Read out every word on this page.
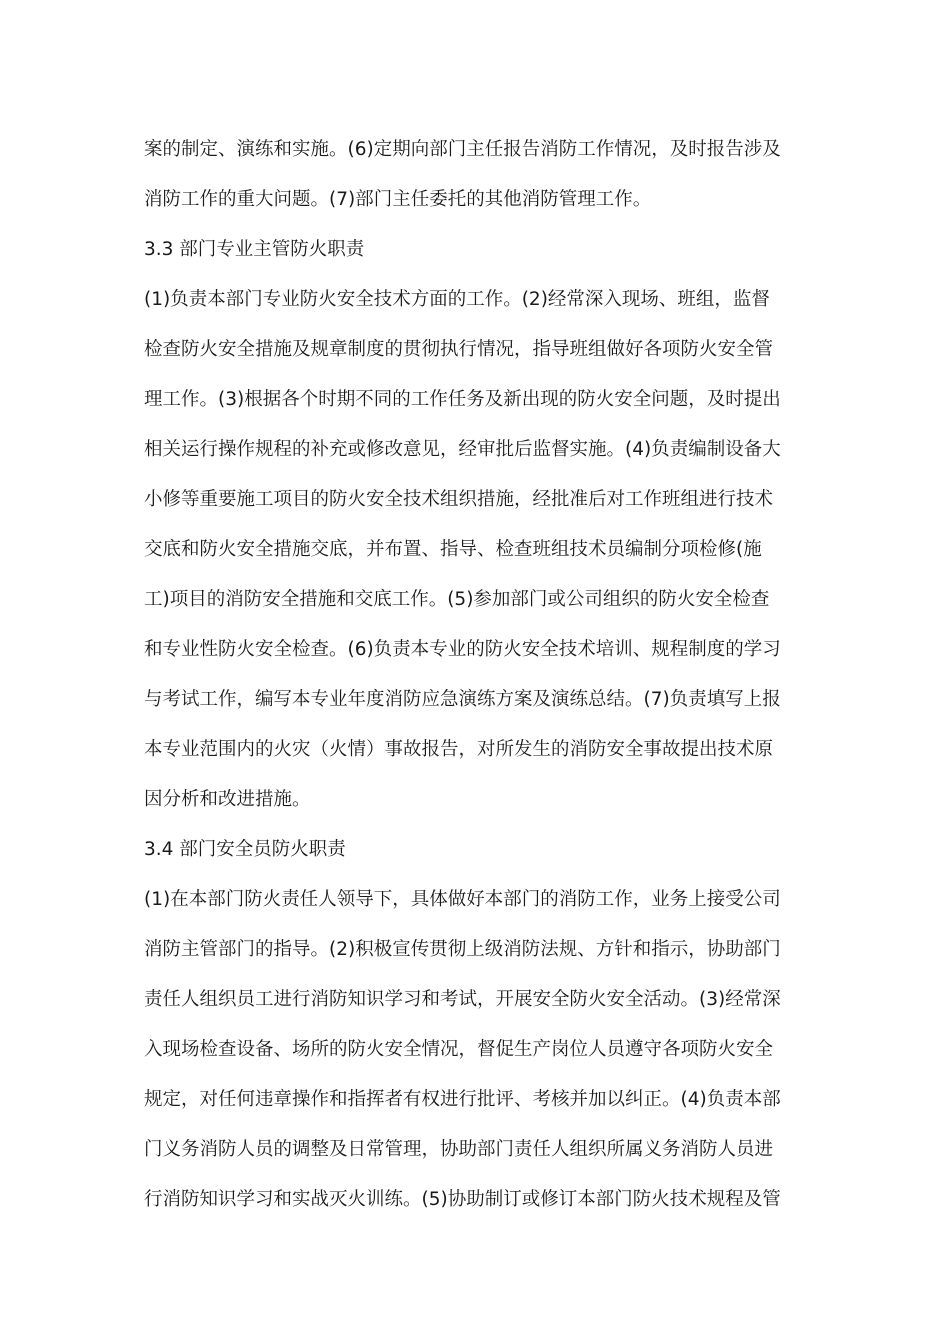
案的制定、演练和实施。(6)定期向部门主任报告消防工作情况，及时报告涉及

消防工作的重大问题。(7)部门主任委托的其他消防管理工作。

3.3 部门专业主管防火职责

(1)负责本部门专业防火安全技术方面的工作。(2)经常深入现场、班组，监督

检查防火安全措施及规章制度的贯彻执行情况，指导班组做好各项防火安全管

理工作。(3)根据各个时期不同的工作任务及新出现的防火安全问题，及时提出

相关运行操作规程的补充或修改意见，经审批后监督实施。(4)负责编制设备大

小修等重要施工项目的防火安全技术组织措施，经批准后对工作班组进行技术

交底和防火安全措施交底，并布置、指导、检查班组技术员编制分项检修(施

工)项目的消防安全措施和交底工作。(5)参加部门或公司组织的防火安全检查

和专业性防火安全检查。(6)负责本专业的防火安全技术培训、规程制度的学习

与考试工作，编写本专业年度消防应急演练方案及演练总结。(7)负责填写上报

本专业范围内的火灾（火情）事故报告，对所发生的消防安全事故提出技术原

因分析和改进措施。

3.4 部门安全员防火职责

(1)在本部门防火责任人领导下，具体做好本部门的消防工作，业务上接受公司

消防主管部门的指导。(2)积极宣传贯彻上级消防法规、方针和指示，协助部门

责任人组织员工进行消防知识学习和考试，开展安全防火安全活动。(3)经常深

入现场检查设备、场所的防火安全情况，督促生产岗位人员遵守各项防火安全

规定，对任何违章操作和指挥者有权进行批评、考核并加以纠正。(4)负责本部

门义务消防人员的调整及日常管理，协助部门责任人组织所属义务消防人员进

行消防知识学习和实战灭火训练。(5)协助制订或修订本部门防火技术规程及管
